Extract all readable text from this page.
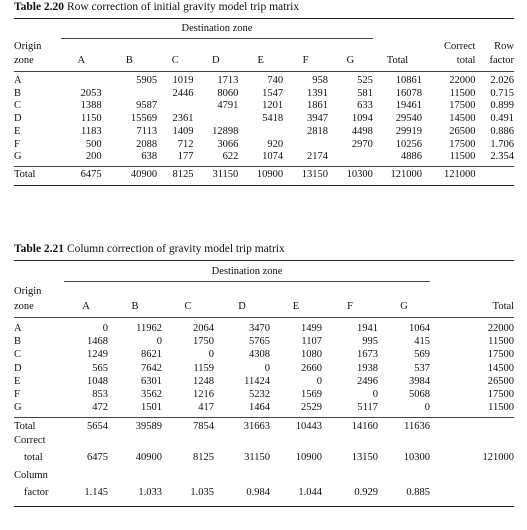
Table 2.20 Row correction of initial gravity model trip matrix
	Destination zone									

Origin									Correct	Row
zone	A	B	C	D	E	F	G	Total	total	factor
A		5905	1019	1713	740	958	525	10861	22000	2.026
B	2053		2446	8060	1547	1391	581	16078	11500	0.715
C	1388	9587		4791	1201	1861	633	19461	17500	0.899
D	1150	15569	2361		5418	3947	1094	29540	14500	0.491
E	1183	7113	1409	12898		2818	4498	29919	26500	0.886
F	500	2088	712	3066	920		2970	10256	17500	1.706
G	200	638	177	622	1074	2174		4886	11500	2.354
Total	6475	40900	8125	31150	10900	13150	10300	121000	121000	
Table 2.21 Column correction of gravity model trip matrix
	Destination zone							

Origin								
zone	A	B	C	D	E	F	G	Total
A	0	11962	2064	3470	1499	1941	1064	22000
B	1468	0	1750	5765	1107	995	415	11500
C	1249	8621	0	4308	1080	1673	569	17500
D	565	7642	1159	0	2660	1938	537	14500
E	1048	6301	1248	11424	0	2496	3984	26500
F	853	3562	1216	5232	1569	0	5068	17500
G	472	1501	417	1464	2529	5117	0	11500
Total	5654	39589	7854	31663	10443	14160	11636	
Correct								
total	6475	40900	8125	31150	10900	13150	10300	121000
Column								
factor	1.145	1.033	1.035	0.984	1.044	0.929	0.885	
